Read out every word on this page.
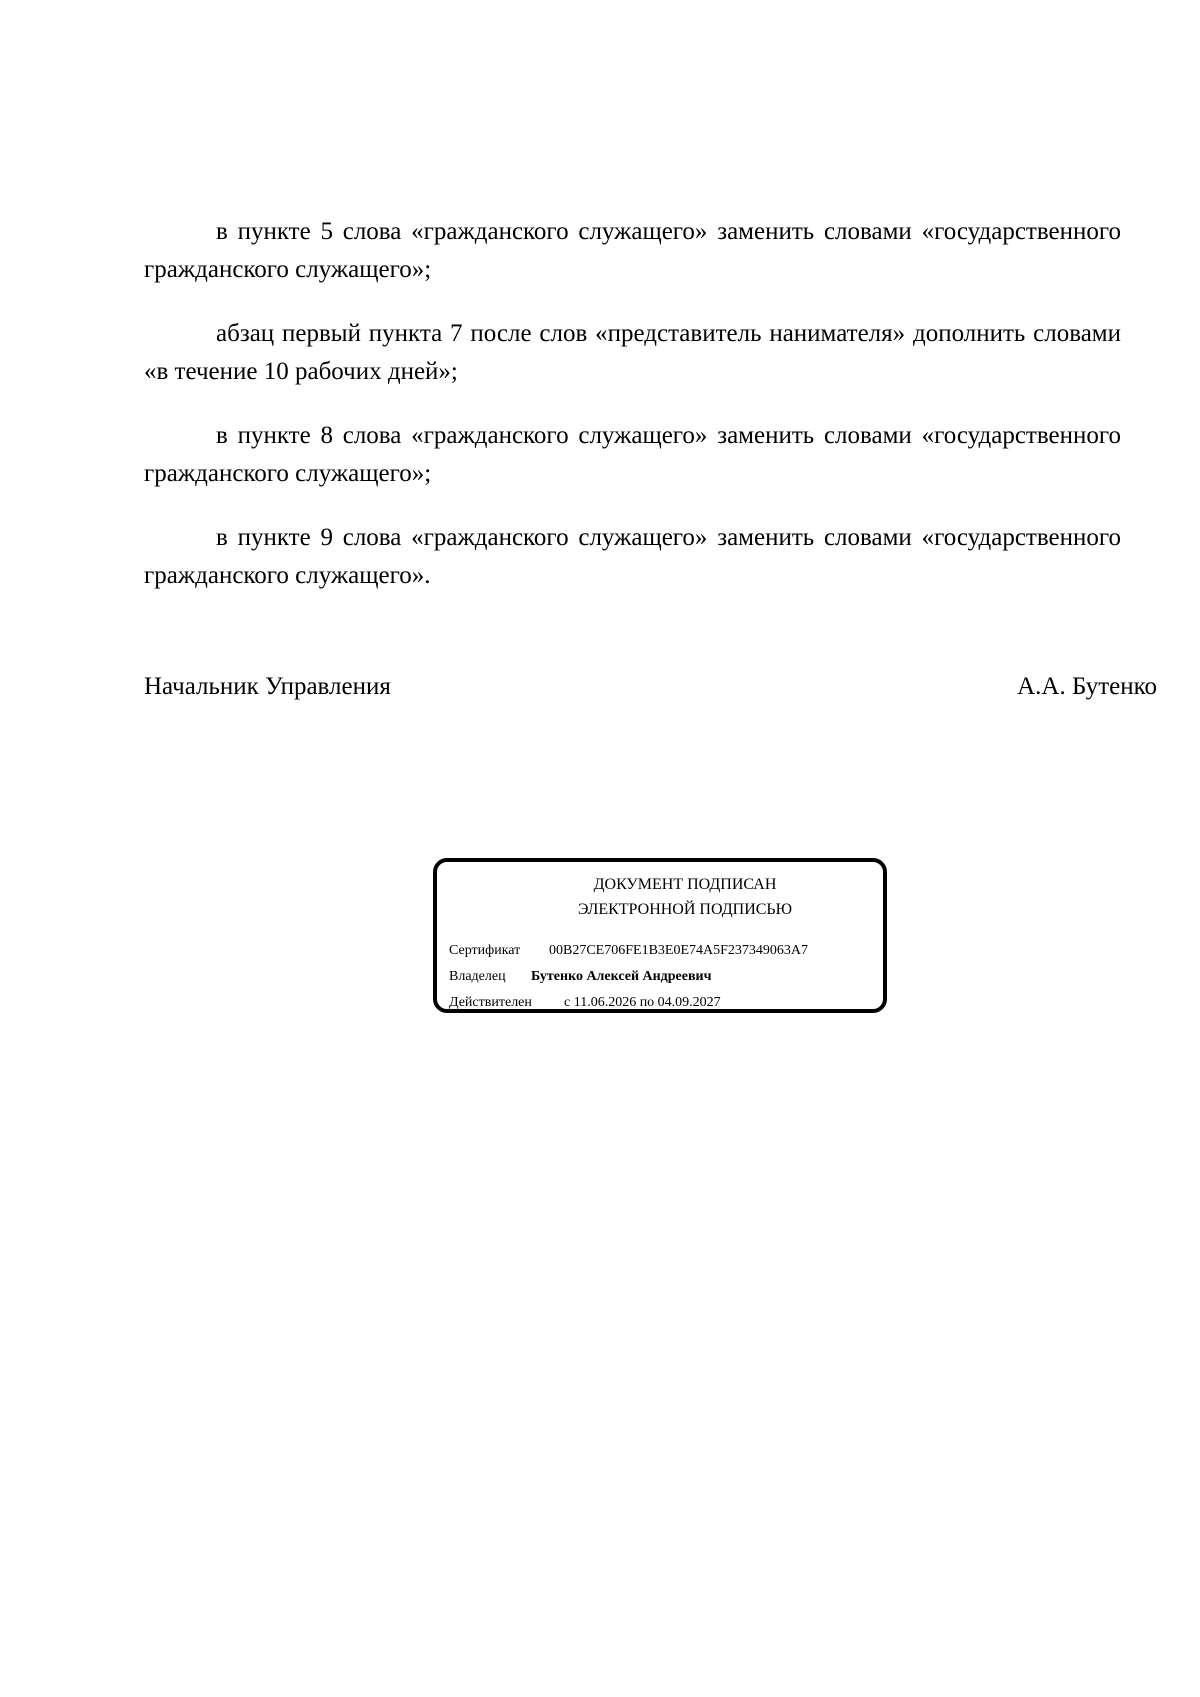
в пункте 5 слова «гражданского служащего» заменить словами «государственного гражданского служащего»;

абзац первый пункта 7 после слов «представитель нанимателя» дополнить словами «в течение 10 рабочих дней»;

в пункте 8 слова «гражданского служащего» заменить словами «государственного гражданского служащего»;

в пункте 9 слова «гражданского служащего» заменить словами «государственного гражданского служащего».

Начальник Управления	А.А. Бутенко
ДОКУМЕНТ ПОДПИСАН
ЭЛЕКТРОННОЙ ПОДПИСЬЮ
Сертификат 00B27CE706FE1B3E0E74A5F237349063A7
Владелец Бутенко Алексей Андреевич
Действителен с 11.06.2026 по 04.09.2027
